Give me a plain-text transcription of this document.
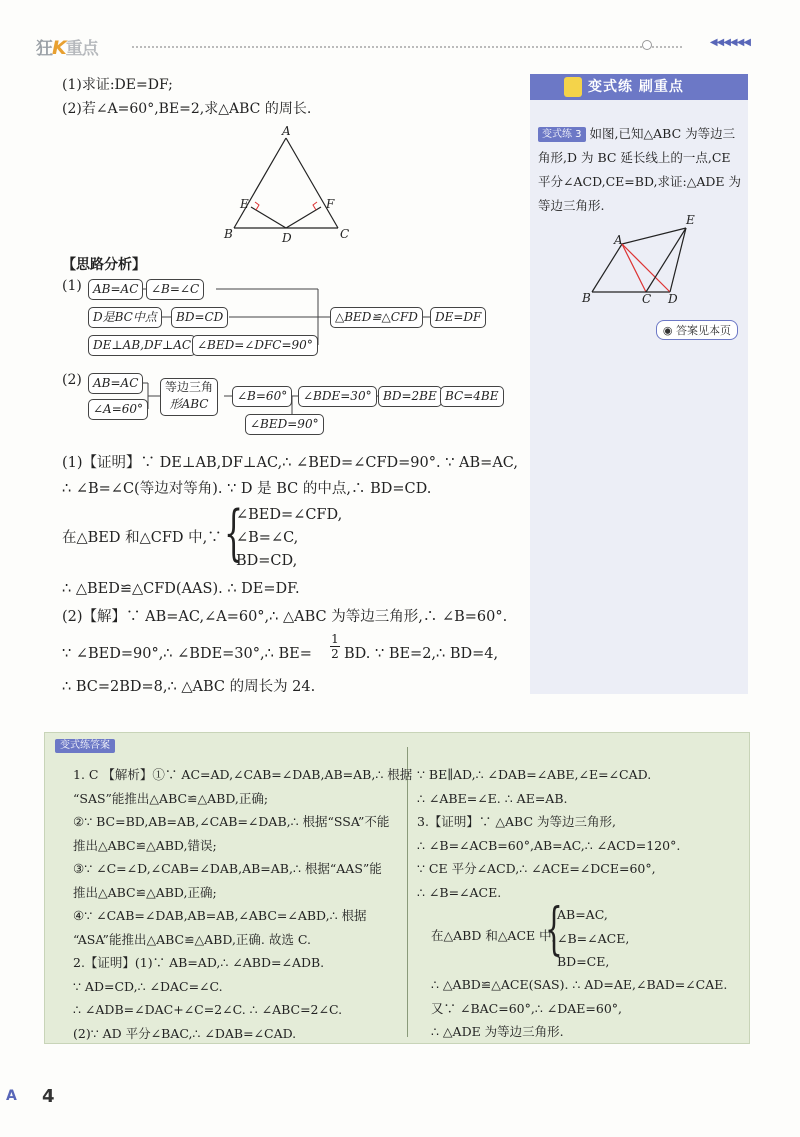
狂K重点	◀◀◀◀◀◀
(1)求证:DE=DF;
(2)若∠A=60°,BE=2,求△ABC 的周长.
A
E	F
B	D	C
【思路分析】
(1) AB=AC	∠B=∠C
D是BC中点	BD=CD
DE⊥AB,DF⊥AC ∠BED=∠DFC=90°
△BED≌△CFD	DE=DF
(2) AB=AC
∠A=60°
等边三角
形ABC
∠B=60°	∠BDE=30° BD=2BE BC=4BE
∠BED=90°
(1)【证明】∵ DE⊥AB,DF⊥AC,∴ ∠BED=∠CFD=90°. ∵ AB=AC,
∴ ∠B=∠C(等边对等角). ∵ D 是 BC 的中点,∴ BD=CD.
在△BED 和△CFD 中,∵ {
∠BED=∠CFD,
∠B=∠C,
BD=CD,
∴ △BED≌△CFD(AAS). ∴ DE=DF.
(2)【解】∵ AB=AC,∠A=60°,∴ △ABC 为等边三角形,∴ ∠B=60°.
∵ ∠BED=90°,∴ ∠BDE=30°,∴ $BE= \frac{1}{2}$ BD. ∵ BE=2,∴ BD=4,
∴ BC=2BD=8,∴ △ABC 的周长为 24.
变式练 刷重点
变式练 3 如图,已知△ABC 为等边三角形,D 为 BC 延长线上的一点,CE 平分∠ACD,CE=BD,求证:△ADE 为等边三角形.
E
A
B	C D
◉ 答案见本页
变式练答案
1. C 【解析】①∵ AC=AD,∠CAB=∠DAB,AB=AB,∴ 根据
“SAS”能推出△ABC≌△ABD,正确;
②∵ BC=BD,AB=AB,∠CAB=∠DAB,∴ 根据“SSA”不能
推出△ABC≌△ABD,错误;
③∵ ∠C=∠D,∠CAB=∠DAB,AB=AB,∴ 根据“AAS”能
推出△ABC≌△ABD,正确;
④∵ ∠CAB=∠DAB,AB=AB,∠ABC=∠ABD,∴ 根据
“ASA”能推出△ABC≌△ABD,正确. 故选 C.
2.【证明】(1)∵ AB=AD,∴ ∠ABD=∠ADB.
∵ AD=CD,∴ ∠DAC=∠C.
∴ ∠ADB=∠DAC+∠C=2∠C. ∴ ∠ABC=2∠C.
(2)∵ AD 平分∠BAC,∴ ∠DAB=∠CAD.
∵ BE∥AD,∴ ∠DAB=∠ABE,∠E=∠CAD.
∴ ∠ABE=∠E. ∴ AE=AB.
3.【证明】∵ △ABC 为等边三角形,
∴ ∠B=∠ACB=60°,AB=AC,∴ ∠ACD=120°.
∵ CE 平分∠ACD,∴ ∠ACE=∠DCE=60°,
∴ ∠B=∠ACE.
在△ABD 和△ACE 中,
{
AB=AC,
∠B=∠ACE,
BD=CE,
∴ △ABD≌△ACE(SAS). ∴ AD=AE,∠BAD=∠CAE.
又∵ ∠BAC=60°,∴ ∠DAE=60°,
∴ △ADE 为等边三角形.
A 4
